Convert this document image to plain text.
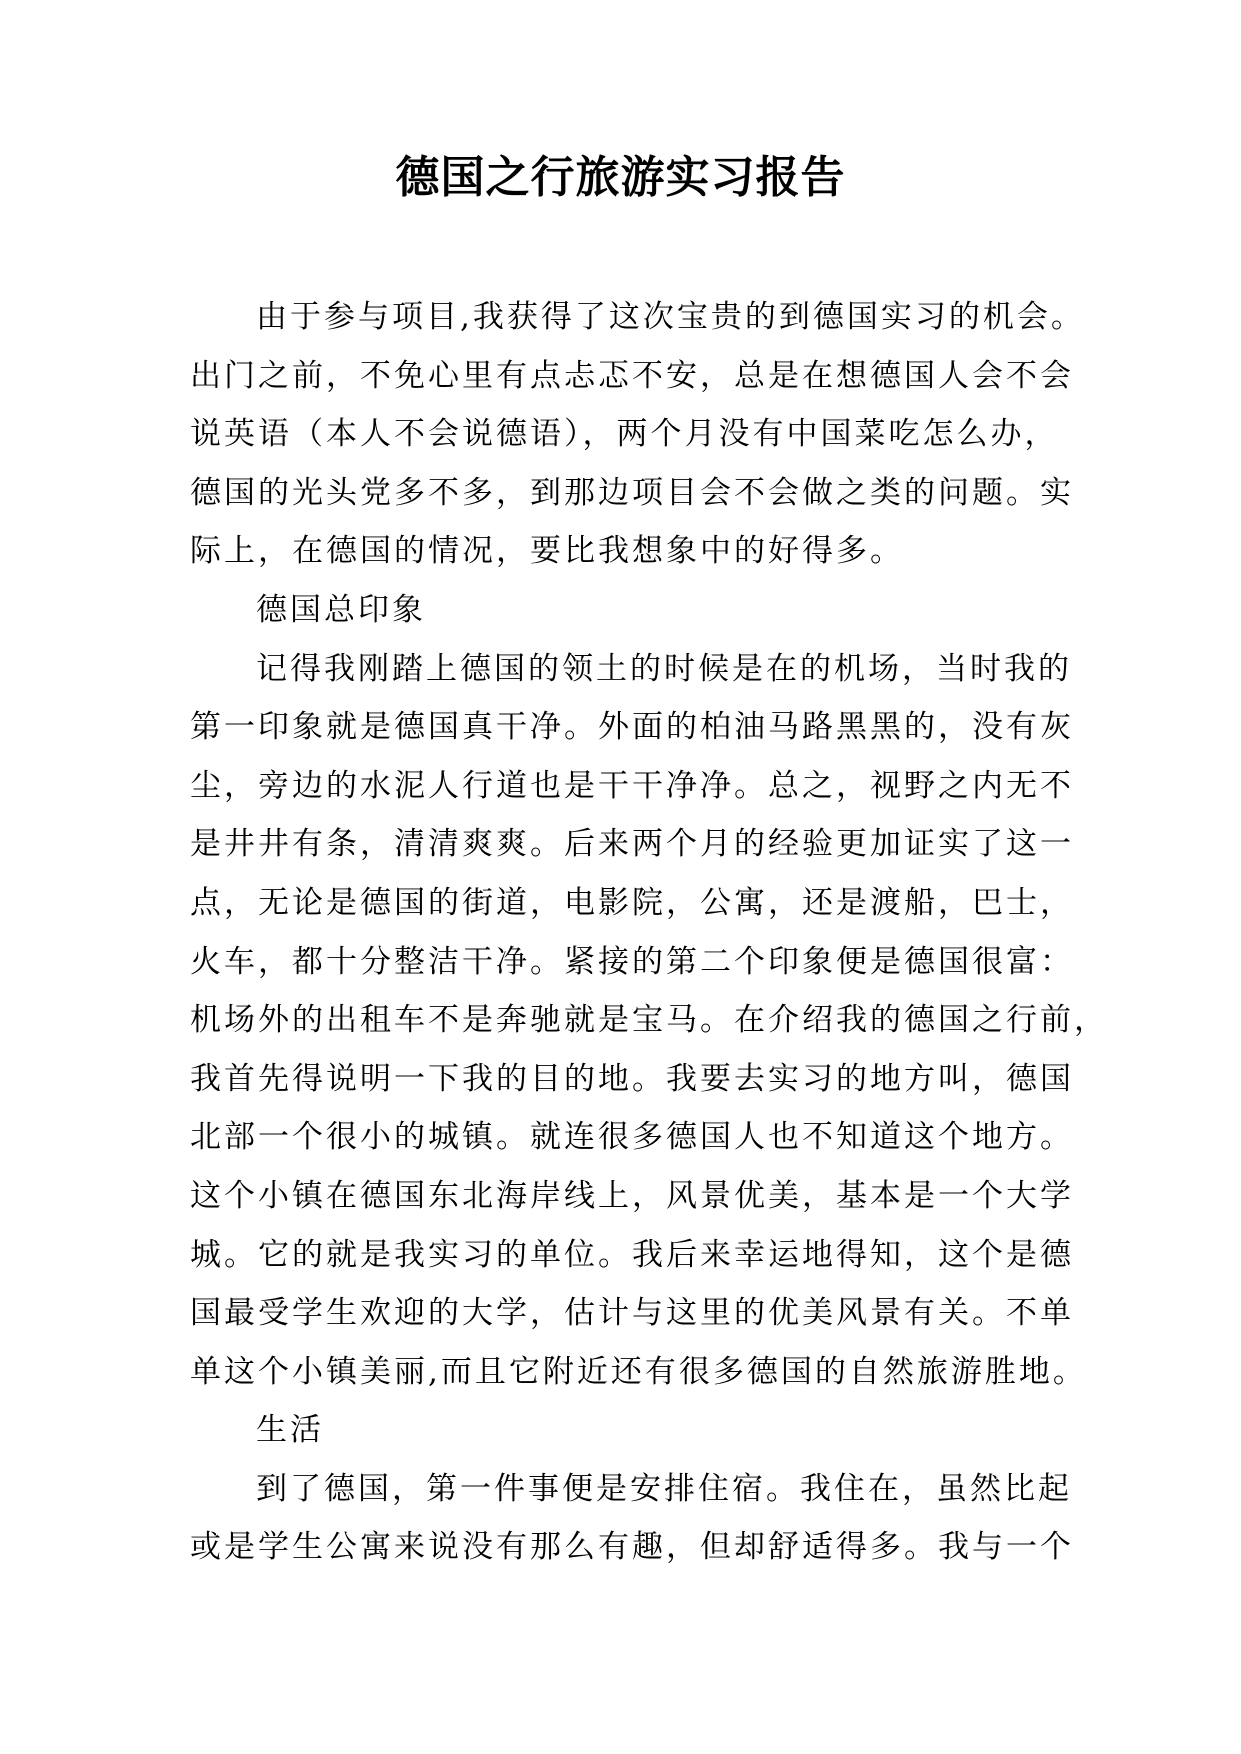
德国之行旅游实习报告
由于参与项目,我获得了这次宝贵的到德国实习的机会。
出门之前，不免心里有点忐忑不安，总是在想德国人会不会
说英语（本人不会说德语），两个月没有中国菜吃怎么办，
德国的光头党多不多，到那边项目会不会做之类的问题。实
际上，在德国的情况，要比我想象中的好得多。
德国总印象
记得我刚踏上德国的领土的时候是在的机场，当时我的
第一印象就是德国真干净。外面的柏油马路黑黑的，没有灰
尘，旁边的水泥人行道也是干干净净。总之，视野之内无不
是井井有条，清清爽爽。后来两个月的经验更加证实了这一
点，无论是德国的街道，电影院，公寓，还是渡船，巴士，
火车，都十分整洁干净。紧接的第二个印象便是德国很富：
机场外的出租车不是奔驰就是宝马。在介绍我的德国之行前，
我首先得说明一下我的目的地。我要去实习的地方叫，德国
北部一个很小的城镇。就连很多德国人也不知道这个地方。
这个小镇在德国东北海岸线上，风景优美，基本是一个大学
城。它的就是我实习的单位。我后来幸运地得知，这个是德
国最受学生欢迎的大学，估计与这里的优美风景有关。不单
单这个小镇美丽,而且它附近还有很多德国的自然旅游胜地。
生活
到了德国，第一件事便是安排住宿。我住在，虽然比起
或是学生公寓来说没有那么有趣，但却舒适得多。我与一个
